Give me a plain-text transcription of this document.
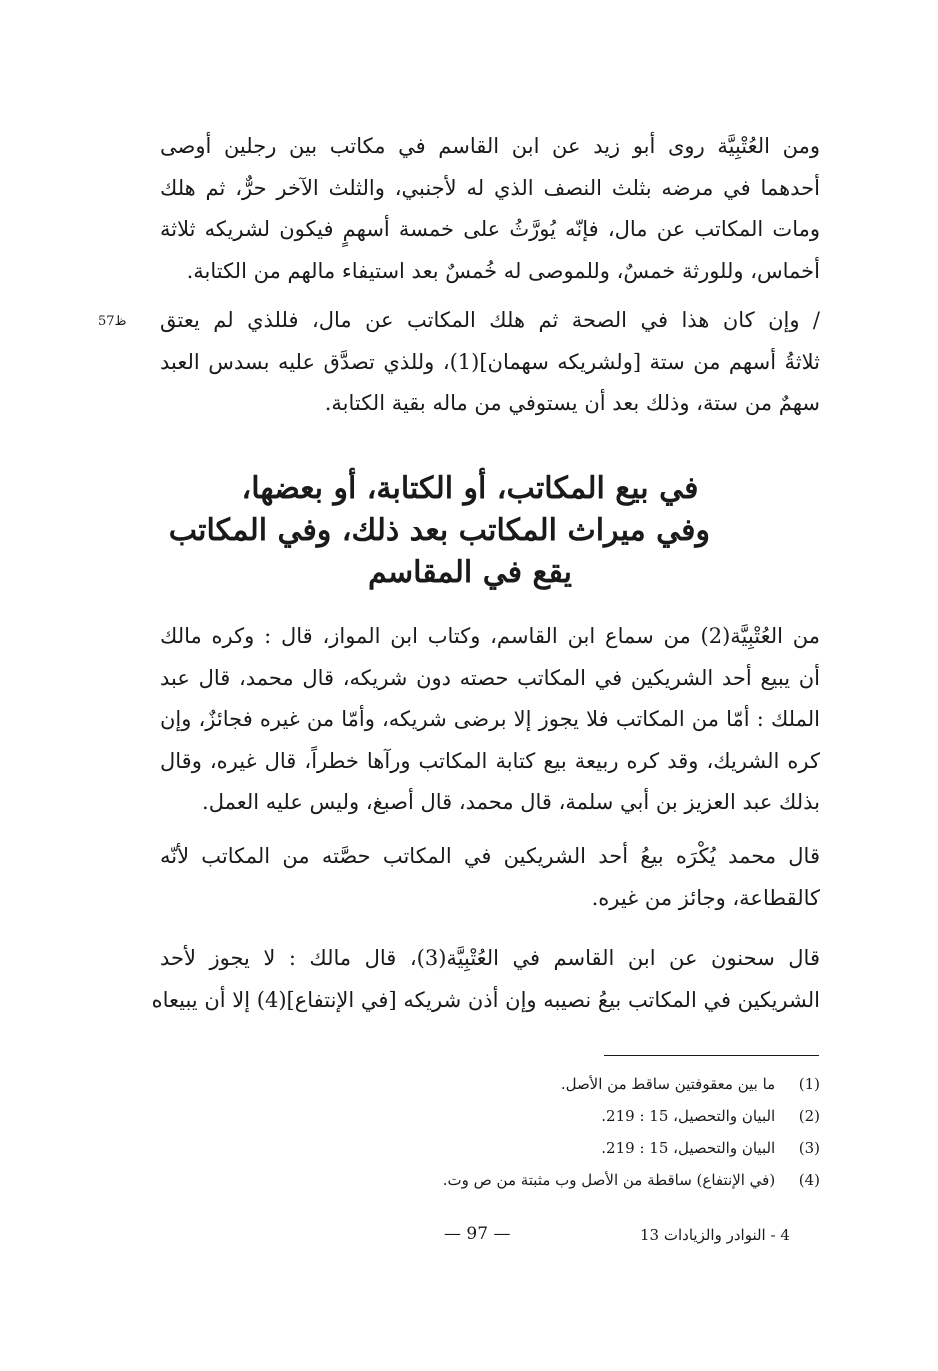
ومن العُتْبِيَّة روى أبو زيد عن ابن القاسم في مكاتب بين رجلين أوصى
أحدهما في مرضه بثلث النصف الذي له لأجنبي، والثلث الآخر حرٌّ، ثم هلك
ومات المكاتب عن مال، فإنّه يُورَّثُ على خمسة أسهمٍ فيكون لشريكه ثلاثة
أخماس، وللورثة خمسٌ، وللموصى له خُمسٌ بعد استيفاء مالهم من الكتابة.

57ظ / وإن كان هذا في الصحة ثم هلك المكاتب عن مال، فللذي لم يعتق
ثلاثةُ أسهم من ستة [ولشريكه سهمان](1)، وللذي تصدَّق عليه بسدس العبد
سهمٌ من ستة، وذلك بعد أن يستوفي من ماله بقية الكتابة.

في بيع المكاتب، أو الكتابة، أو بعضها،
وفي ميراث المكاتب بعد ذلك، وفي المكاتب
يقع في المقاسم

من العُتْبِيَّة(2) من سماع ابن القاسم، وكتاب ابن المواز، قال : وكره مالك
أن يبيع أحد الشريكين في المكاتب حصته دون شريكه، قال محمد، قال عبد
الملك : أمّا من المكاتب فلا يجوز إلا برضى شريكه، وأمّا من غيره فجائزٌ، وإن
كره الشريك، وقد كره ربيعة بيع كتابة المكاتب ورآها خطراً، قال غيره، وقال
بذلك عبد العزيز بن أبي سلمة، قال محمد، قال أصبغ، وليس عليه العمل.

قال محمد يُكْرَه بيعُ أحد الشريكين في المكاتب حصَّته من المكاتب لأنّه
كالقطاعة، وجائز من غيره.

قال سحنون عن ابن القاسم في العُتْبِيَّة(3)، قال مالك : لا يجوز لأحد
الشريكين في المكاتب بيعُ نصيبه وإن أذن شريكه [في الإنتفاع](4) إلا أن يبيعاه

(1) ما بين معقوفتين ساقط من الأصل.
(2) البيان والتحصيل، 15 : 219.
(3) البيان والتحصيل، 15 : 219.
(4) (في الإنتفاع) ساقطة من الأصل وب مثبتة من ص وت.
4 - النوادر والزيادات 13
— 97 —
